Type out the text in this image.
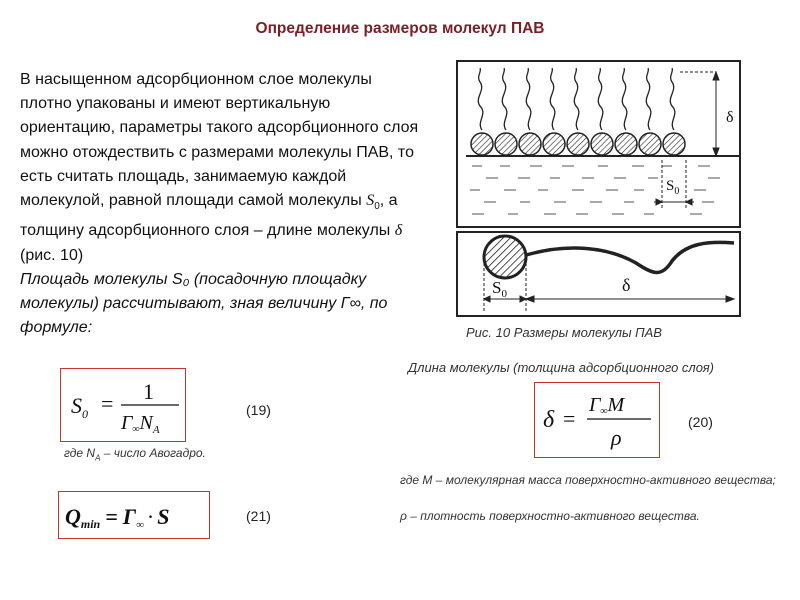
Определение размеров молекул ПАВ
В насыщенном адсорбционном слое молекулы плотно упакованы и имеют вертикальную ориентацию, параметры такого адсорбционного слоя можно отождествить с размерами молекулы ПАВ, то есть считать площадь, занимаемую каждой молекулой, равной площади самой молекулы $S_0$, а толщину адсорбционного слоя – длине молекулы δ (рис. 10)
Площадь молекулы S₀ (посадочную площадку молекулы) рассчитывают, зная величину Г∞, по формуле:
δ
$S_0$
δ
$S_0$
Рис. 10 Размеры молекулы ПАВ
Длина молекулы (толщина адсорбционного слоя)
$S_0 = 1$
$Г\infty N_A$
(19)
где $N_A$ – число Авогадро.
Qmin = Г∞ · S	(21)
δ =
Г∞M
ρ
(20)
где M – молекулярная масса поверхностно-активного вещества;
ρ – плотность поверхностно-активного вещества.
